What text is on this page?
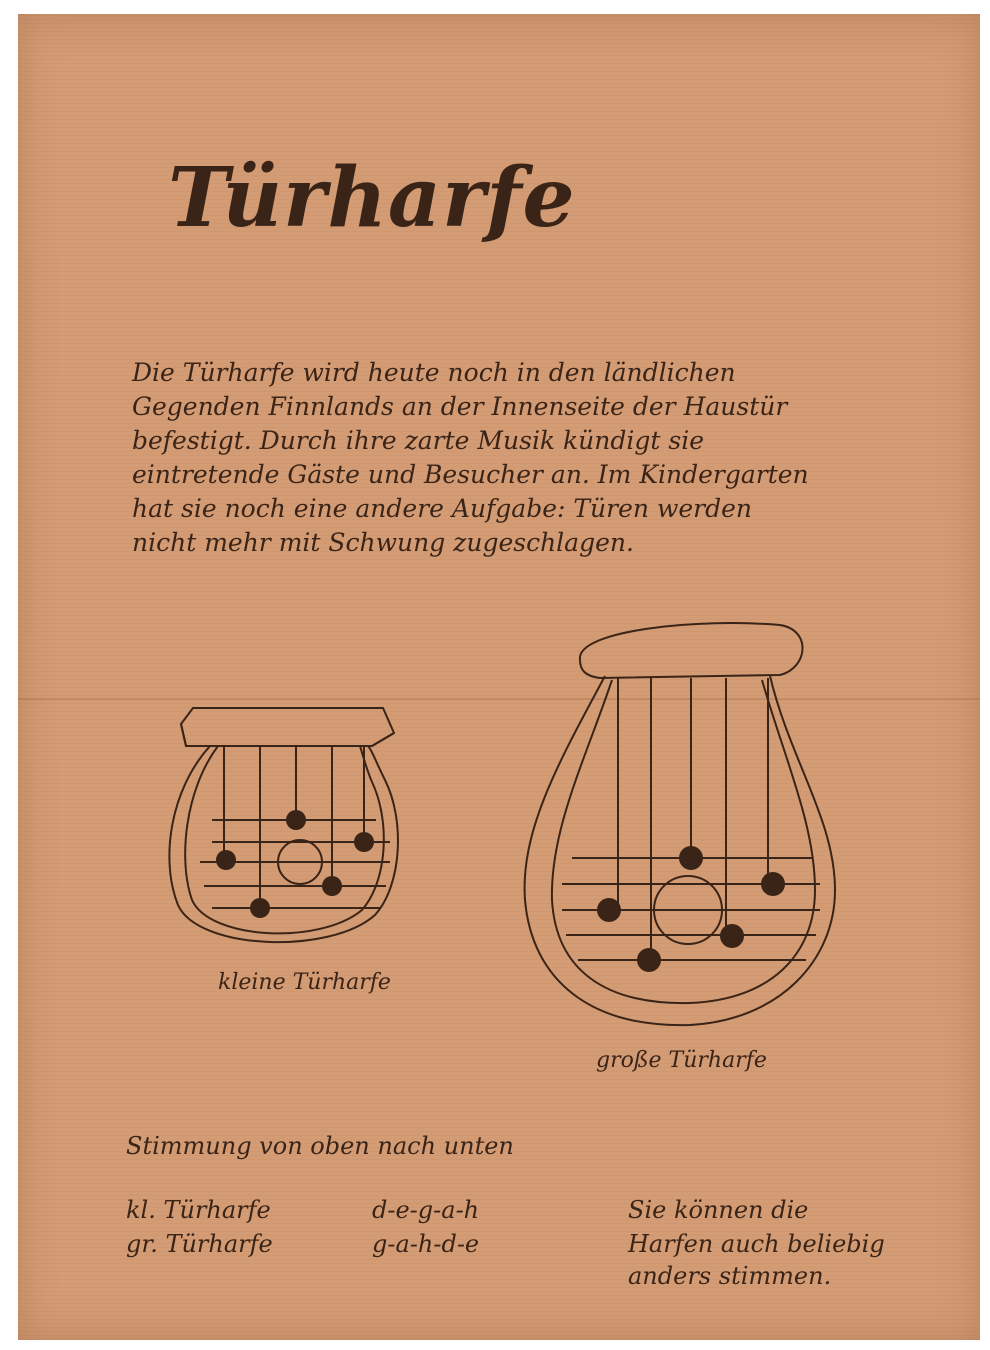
Türharfe
Die Türharfe wird heute noch in den ländlichen
Gegenden Finnlands an der Innenseite der Haustür
befestigt. Durch ihre zarte Musik kündigt sie
eintretende Gäste und Besucher an. Im Kindergarten
hat sie noch eine andere Aufgabe: Türen werden
nicht mehr mit Schwung zugeschlagen.
kleine Türharfe
große Türharfe
Stimmung von oben nach unten
kl. Türharfe	d-e-g-a-h
gr. Türharfe	g-a-h-d-e
Sie können die
Harfen auch beliebig
anders stimmen.
